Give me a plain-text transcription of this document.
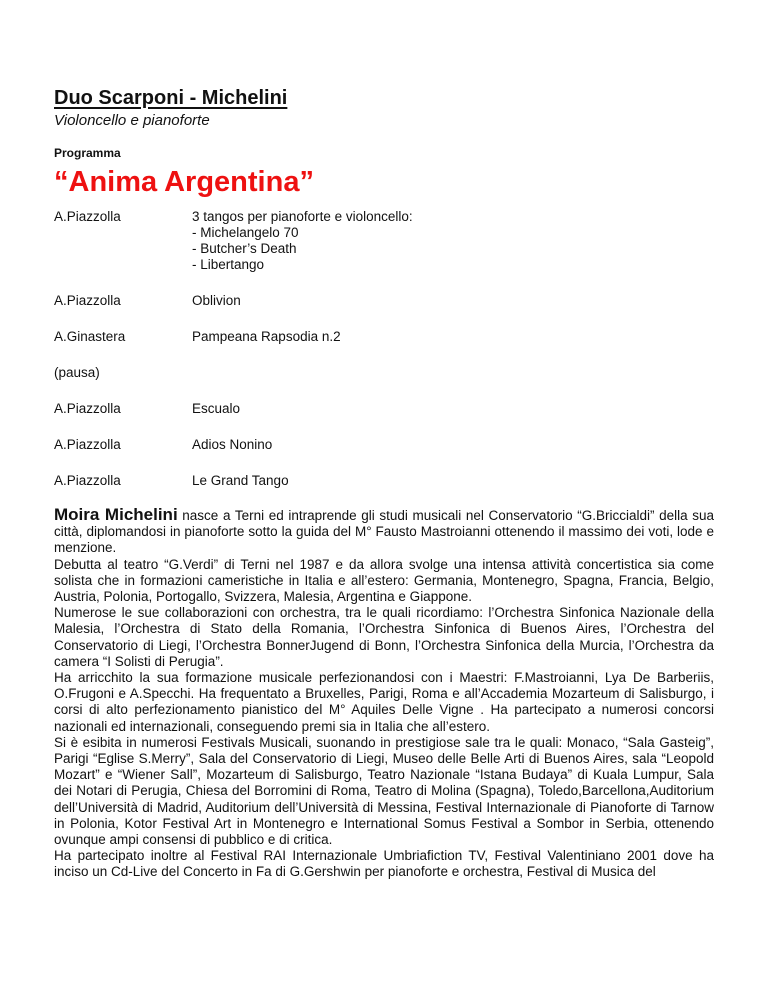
Duo Scarponi - Michelini
Violoncello e pianoforte
Programma
“Anima Argentina”
A.Piazzolla	3 tangos per pianoforte e violoncello:
- Michelangelo 70
- Butcher’s Death
- Libertango
A.Piazzolla	Oblivion
A.Ginastera	Pampeana Rapsodia n.2
(pausa)
A.Piazzolla	Escualo
A.Piazzolla	Adios Nonino
A.Piazzolla	Le Grand Tango

Moira Michelini nasce a Terni ed intraprende gli studi musicali nel Conservatorio “G.Briccialdi” della sua città, diplomandosi in pianoforte sotto la guida del M° Fausto Mastroianni ottenendo il massimo dei voti, lode e menzione.

Debutta al teatro “G.Verdi” di Terni nel 1987 e da allora svolge una intensa attività concertistica sia come solista che in formazioni cameristiche in Italia e all’estero: Germania, Montenegro, Spagna, Francia, Belgio, Austria, Polonia, Portogallo, Svizzera, Malesia, Argentina e Giappone.

Numerose le sue collaborazioni con orchestra, tra le quali ricordiamo: l’Orchestra Sinfonica Nazionale della Malesia, l’Orchestra di Stato della Romania, l’Orchestra Sinfonica di Buenos Aires, l’Orchestra del Conservatorio di Liegi, l’Orchestra BonnerJugend di Bonn, l’Orchestra Sinfonica della Murcia, l’Orchestra da camera “I Solisti di Perugia”.

Ha arricchito la sua formazione musicale perfezionandosi con i Maestri: F.Mastroianni, Lya De Barberiis, O.Frugoni e A.Specchi. Ha frequentato a Bruxelles, Parigi, Roma e all’Accademia Mozarteum di Salisburgo, i corsi di alto perfezionamento pianistico del M° Aquiles Delle Vigne . Ha partecipato a numerosi concorsi nazionali ed internazionali, conseguendo premi sia in Italia che all’estero.

Si è esibita in numerosi Festivals Musicali, suonando in prestigiose sale tra le quali: Monaco, “Sala Gasteig”, Parigi “Eglise S.Merry”, Sala del Conservatorio di Liegi, Museo delle Belle Arti di Buenos Aires, sala “Leopold Mozart” e “Wiener Sall”, Mozarteum di Salisburgo, Teatro Nazionale “Istana Budaya” di Kuala Lumpur, Sala dei Notari di Perugia, Chiesa del Borromini di Roma, Teatro di Molina (Spagna), Toledo,Barcellona,Auditorium dell’Università di Madrid, Auditorium dell’Università di Messina, Festival Internazionale di Pianoforte di Tarnow in Polonia, Kotor Festival Art in Montenegro e International Somus Festival a Sombor in Serbia, ottenendo ovunque ampi consensi di pubblico e di critica.

Ha partecipato inoltre al Festival RAI Internazionale Umbriafiction TV, Festival Valentiniano 2001 dove ha inciso un Cd-Live del Concerto in Fa di G.Gershwin per pianoforte e orchestra, Festival di Musica del
